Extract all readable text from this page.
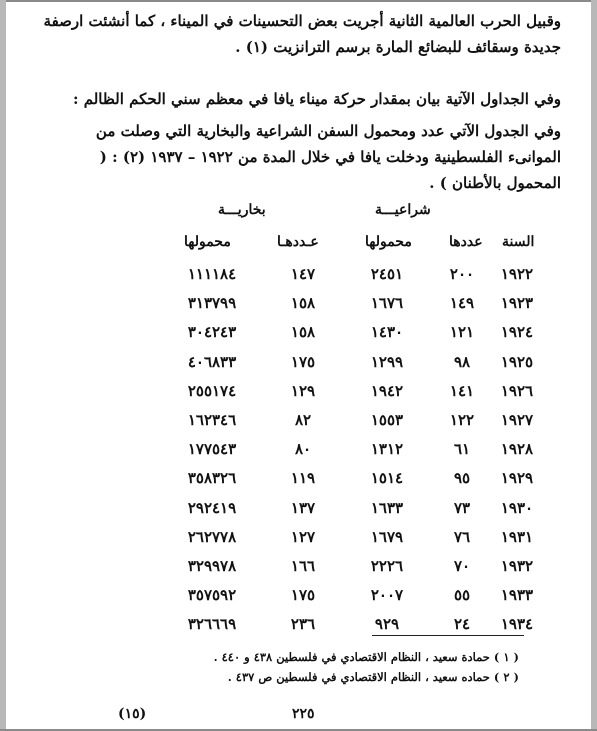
وقبيل الحرب العالمية الثانية أجريت بعض التحسينات في الميناء ، كما أنشئت ارصفة جديدة وسقائف للبضائع المارة برسم الترانزيت (١) .
وفي الجداول الآتية بيان بمقدار حركة ميناء يافا في معظم سني الحكم الظالم :
وفي الجدول الآتي عدد ومحمول السفن الشراعية والبخارية التي وصلت من الموانىء الفلسطينية ودخلت يافا في خلال المدة من ١٩٢٢ – ١٩٣٧ (٢) : ( المحمول بالأطنان ) .
شراعيـــة
بخاريـــة
السنة
عددها
محمولها
عـددهـا
محمولها
١٩٢٢
٢٠٠
٢٤٥١
١٤٧
١١١١٨٤
١٩٢٣
١٤٩
١٦٧٦
١٥٨
٣١٣٧٩٩
١٩٢٤
١٢١
١٤٣٠
١٥٨
٣٠٤٢٤٣
١٩٢٥
٩٨
١٢٩٩
١٧٥
٤٠٦٨٣٣
١٩٢٦
١٤١
١٩٤٢
١٢٩
٢٥٥١٧٤
١٩٢٧
١٢٢
١٥٥٣
٨٢
١٦٢٣٤٦
١٩٢٨
٦١
١٣١٢
٨٠
١٧٧٥٤٣
١٩٢٩
٩٥
١٥١٤
١١٩
٣٥٨٣٢٦
١٩٣٠
٧٣
١٦٣٣
١٣٧
٢٩٢٤١٩
١٩٣١
٧٦
١٦٧٩
١٢٧
٢٦٢٧٧٨
١٩٣٢
٧٠
٢٢٢٦
١٦٦
٣٢٩٩٧٨
١٩٣٣
٥٥
٢٠٠٧
١٧٥
٣٥٧٥٩٢
١٩٣٤
٢٤
٩٢٩
٢٣٦
٣٢٦٦٦٩
( ١ ) حمادة سعيد ، النظام الاقتصادي في فلسطين ٤٣٨ و ٤٤٠ .
( ٢ ) حماده سعيد ، النظام الاقتصادي في فلسطين ص ٤٣٧ .
٢٢٥
(١٥)
